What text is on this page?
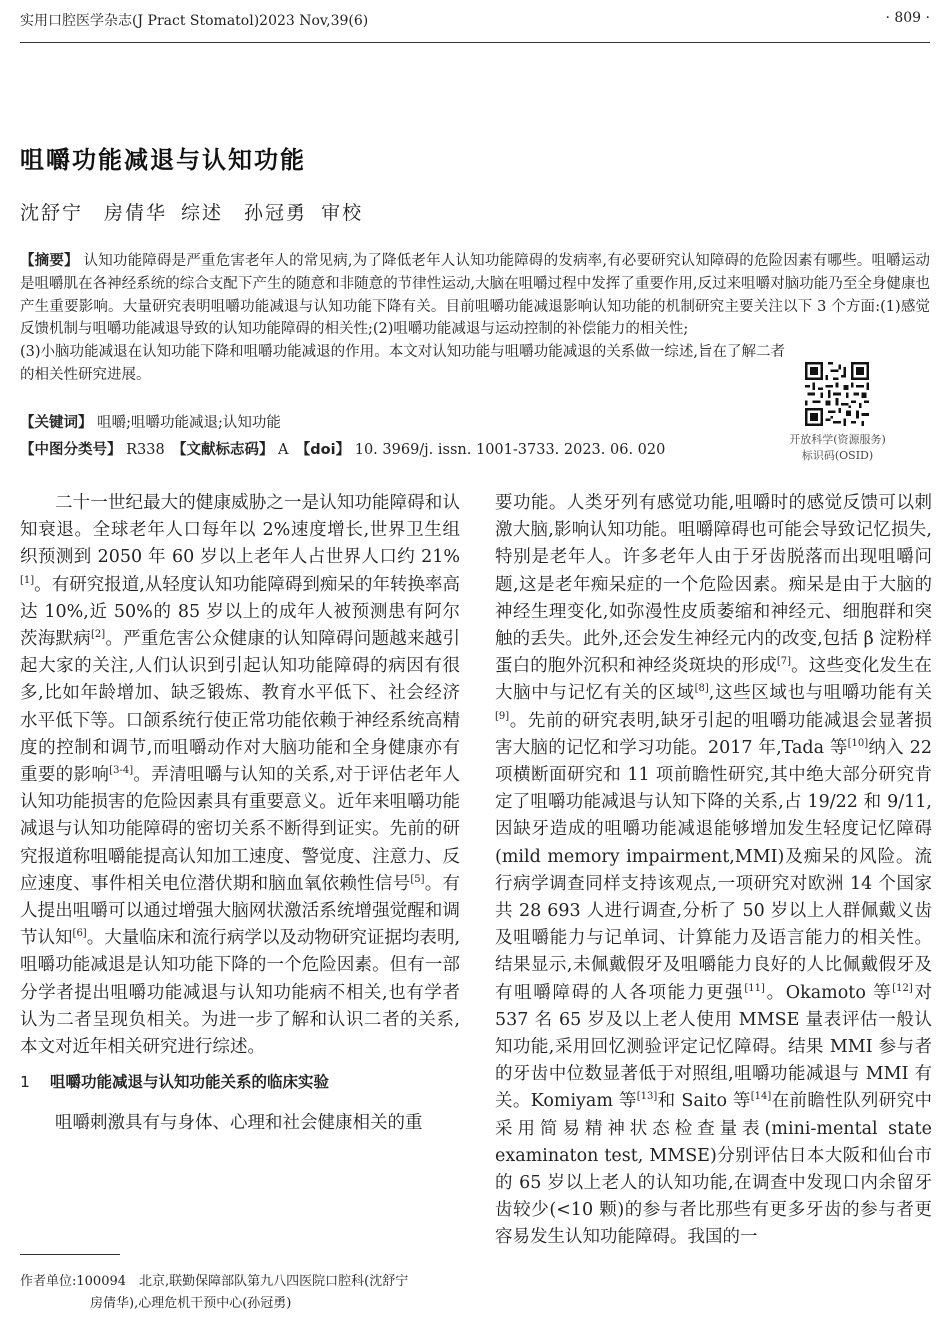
实用口腔医学杂志(J Pract Stomatol)2023 Nov,39(6)	· 809 ·
咀嚼功能减退与认知功能
沈舒宁　房倩华 综述　孙冠勇 审校
【摘要】 认知功能障碍是严重危害老年人的常见病,为了降低老年人认知功能障碍的发病率,有必要研究认知障碍的危险因素有哪些。咀嚼运动是咀嚼肌在各神经系统的综合支配下产生的随意和非随意的节律性运动,大脑在咀嚼过程中发挥了重要作用,反过来咀嚼对脑功能乃至全身健康也产生重要影响。大量研究表明咀嚼功能减退与认知功能下降有关。目前咀嚼功能减退影响认知功能的机制研究主要关注以下 3 个方面:(1)感觉反馈机制与咀嚼功能减退导致的认知功能障碍的相关性;(2)咀嚼功能减退与运动控制的补偿能力的相关性;
(3)小脑功能减退在认知功能下降和咀嚼功能减退的作用。本文对认知功能与咀嚼功能减退的关系做一综述,旨在了解二者的相关性研究进展。
【关键词】 咀嚼;咀嚼功能减退;认知功能
【中图分类号】 R338　【文献标志码】 A　【doi】 10. 3969/j. issn. 1001-3733. 2023. 06. 020
开放科学(资源服务)
标识码(OSID)

二十一世纪最大的健康威胁之一是认知功能障碍和认知衰退。全球老年人口每年以 2%速度增长,世界卫生组织预测到 2050 年 60 岁以上老年人占世界人口约 21%[1]。有研究报道,从轻度认知功能障碍到痴呆的年转换率高达 10%,近 50%的 85 岁以上的成年人被预测患有阿尔茨海默病[2]。严重危害公众健康的认知障碍问题越来越引起大家的关注,人们认识到引起认知功能障碍的病因有很多,比如年龄增加、缺乏锻炼、教育水平低下、社会经济水平低下等。口颌系统行使正常功能依赖于神经系统高精度的控制和调节,而咀嚼动作对大脑功能和全身健康亦有重要的影响[3-4]。弄清咀嚼与认知的关系,对于评估老年人认知功能损害的危险因素具有重要意义。近年来咀嚼功能减退与认知功能障碍的密切关系不断得到证实。先前的研究报道称咀嚼能提高认知加工速度、警觉度、注意力、反应速度、事件相关电位潜伏期和脑血氧依赖性信号[5]。有人提出咀嚼可以通过增强大脑网状激活系统增强觉醒和调节认知[6]。大量临床和流行病学以及动物研究证据均表明,咀嚼功能减退是认知功能下降的一个危险因素。但有一部分学者提出咀嚼功能减退与认知功能病不相关,也有学者认为二者呈现负相关。为进一步了解和认识二者的关系,本文对近年相关研究进行综述。

1 咀嚼功能减退与认知功能关系的临床实验

咀嚼刺激具有与身体、心理和社会健康相关的重

要功能。人类牙列有感觉功能,咀嚼时的感觉反馈可以刺激大脑,影响认知功能。咀嚼障碍也可能会导致记忆损失,特别是老年人。许多老年人由于牙齿脱落而出现咀嚼问题,这是老年痴呆症的一个危险因素。痴呆是由于大脑的神经生理变化,如弥漫性皮质萎缩和神经元、细胞群和突触的丢失。此外,还会发生神经元内的改变,包括 β 淀粉样蛋白的胞外沉积和神经炎斑块的形成[7]。这些变化发生在大脑中与记忆有关的区域[8],这些区域也与咀嚼功能有关[9]。先前的研究表明,缺牙引起的咀嚼功能减退会显著损害大脑的记忆和学习功能。2017 年,Tada 等[10]纳入 22 项横断面研究和 11 项前瞻性研究,其中绝大部分研究肯定了咀嚼功能减退与认知下降的关系,占 19/22 和 9/11,因缺牙造成的咀嚼功能减退能够增加发生轻度记忆障碍(mild memory impairment,MMI)及痴呆的风险。流行病学调查同样支持该观点,一项研究对欧洲 14 个国家共 28 693 人进行调查,分析了 50 岁以上人群佩戴义齿及咀嚼能力与记单词、计算能力及语言能力的相关性。结果显示,未佩戴假牙及咀嚼能力良好的人比佩戴假牙及有咀嚼障碍的人各项能力更强[11]。Okamoto 等[12]对 537 名 65 岁及以上老人使用 MMSE 量表评估一般认知功能,采用回忆测验评定记忆障碍。结果 MMI 参与者的牙齿中位数显著低于对照组,咀嚼功能减退与 MMI 有关。Komiyam 等[13]和 Saito 等[14]在前瞻性队列研究中采用简易精神状态检查量表(mini-mental state examinaton test, MMSE)分别评估日本大阪和仙台市的 65 岁以上老人的认知功能,在调查中发现口内余留牙齿较少(<10 颗)的参与者比那些有更多牙齿的参与者更容易发生认知功能障碍。我国的一

作者单位:100094　北京,联勤保障部队第九八四医院口腔科(沈舒宁
房倩华),心理危机干预中心(孙冠勇)
